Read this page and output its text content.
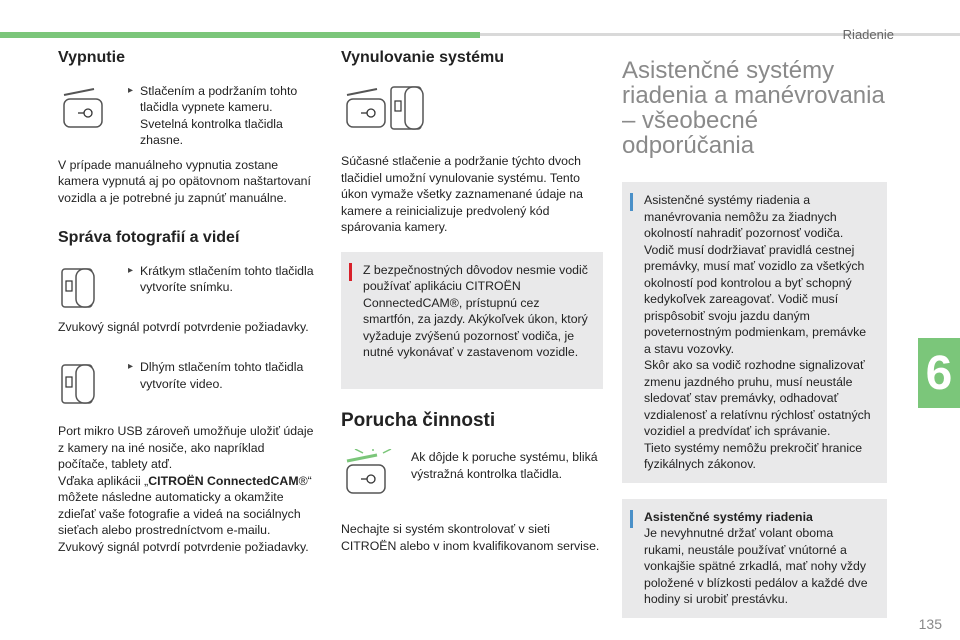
Riadenie
6
135
Vypnutie
▸ Stlačením a podržaním tohto tlačidla vypnete kameru. Svetelná kontrolka tlačidla zhasne.

V prípade manuálneho vypnutia zostane kamera vypnutá aj po opätovnom naštartovaní vozidla a je potrebné ju zapnúť manuálne.

Správa fotografií a videí
▸ Krátkym stlačením tohto tlačidla vytvoríte snímku.

Zvukový signál potvrdí potvrdenie požiadavky.

▸ Dlhým stlačením tohto tlačidla vytvoríte video.

Port mikro USB zároveň umožňuje uložiť údaje z kamery na iné nosiče, ako napríklad počítače, tablety atď.
Vďaka aplikácii „CITROËN ConnectedCAM®“ môžete následne automaticky a okamžite zdieľať vaše fotografie a videá na sociálnych sieťach alebo prostredníctvom e-mailu.
Zvukový signál potvrdí potvrdenie požiadavky.

Vynulovanie systému

Súčasné stlačenie a podržanie týchto dvoch tlačidiel umožní vynulovanie systému. Tento úkon vymaže všetky zaznamenané údaje na kamere a reinicializuje predvolený kód spárovania kamery.

Z bezpečnostných dôvodov nesmie vodič používať aplikáciu CITROËN ConnectedCAM®, prístupnú cez smartfón, za jazdy. Akýkoľvek úkon, ktorý vyžaduje zvýšenú pozornosť vodiča, je nutné vykonávať v zastavenom vozidle.

Porucha činnosti

Ak dôjde k poruche systému, bliká výstražná kontrolka tlačidla.

Nechajte si systém skontrolovať v sieti CITROËN alebo v inom kvalifikovanom servise.

Asistenčné systémy riadenia a manévrovania – všeobecné odporúčania

Asistenčné systémy riadenia a manévrovania nemôžu za žiadnych okolností nahradiť pozornosť vodiča.

Vodič musí dodržiavať pravidlá cestnej premávky, musí mať vozidlo za všetkých okolností pod kontrolou a byť schopný kedykoľvek zareagovať. Vodič musí prispôsobiť svoju jazdu daným poveternostným podmienkam, premávke a stavu vozovky.

Skôr ako sa vodič rozhodne signalizovať zmenu jazdného pruhu, musí neustále sledovať stav premávky, odhadovať vzdialenosť a relatívnu rýchlosť ostatných vozidiel a predvídať ich správanie.

Tieto systémy nemôžu prekročiť hranice fyzikálnych zákonov.

Asistenčné systémy riadenia

Je nevyhnutné držať volant oboma rukami, neustále používať vnútorné a vonkajšie spätné zrkadlá, mať nohy vždy položené v blízkosti pedálov a každé dve hodiny si urobiť prestávku.
